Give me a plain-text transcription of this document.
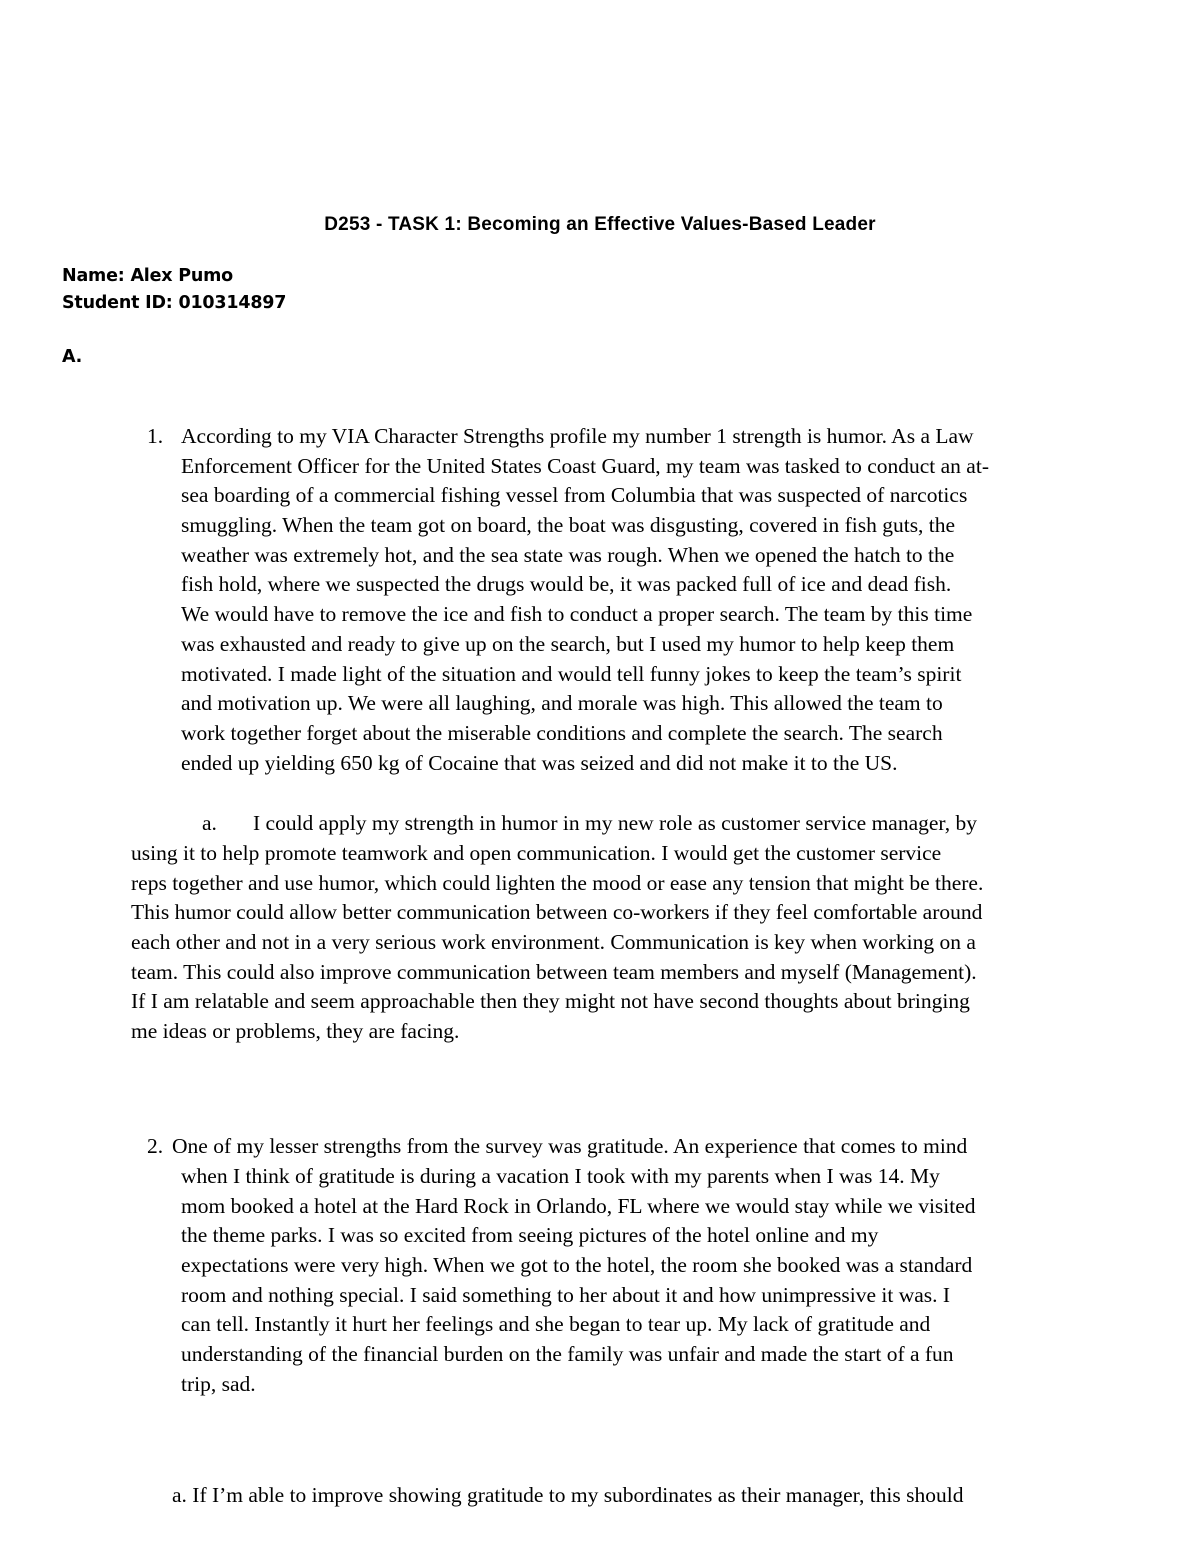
D253 - TASK 1: Becoming an Effective Values-Based Leader
Name: Alex Pumo
Student ID: 010314897
A.
1. According to my VIA Character Strengths profile my number 1 strength is humor. As a Law
Enforcement Officer for the United States Coast Guard, my team was tasked to conduct an at-
sea boarding of a commercial fishing vessel from Columbia that was suspected of narcotics
smuggling. When the team got on board, the boat was disgusting, covered in fish guts, the
weather was extremely hot, and the sea state was rough. When we opened the hatch to the
fish hold, where we suspected the drugs would be, it was packed full of ice and dead fish.
We would have to remove the ice and fish to conduct a proper search. The team by this time
was exhausted and ready to give up on the search, but I used my humor to help keep them
motivated. I made light of the situation and would tell funny jokes to keep the team’s spirit
and motivation up. We were all laughing, and morale was high. This allowed the team to
work together forget about the miserable conditions and complete the search. The search
ended up yielding 650 kg of Cocaine that was seized and did not make it to the US.
a. I could apply my strength in humor in my new role as customer service manager, by
using it to help promote teamwork and open communication. I would get the customer service
reps together and use humor, which could lighten the mood or ease any tension that might be there.
This humor could allow better communication between co-workers if they feel comfortable around
each other and not in a very serious work environment. Communication is key when working on a
team. This could also improve communication between team members and myself (Management).
If I am relatable and seem approachable then they might not have second thoughts about bringing
me ideas or problems, they are facing.
2. One of my lesser strengths from the survey was gratitude. An experience that comes to mind
when I think of gratitude is during a vacation I took with my parents when I was 14. My
mom booked a hotel at the Hard Rock in Orlando, FL where we would stay while we visited
the theme parks. I was so excited from seeing pictures of the hotel online and my
expectations were very high. When we got to the hotel, the room she booked was a standard
room and nothing special. I said something to her about it and how unimpressive it was. I
can tell. Instantly it hurt her feelings and she began to tear up. My lack of gratitude and
understanding of the financial burden on the family was unfair and made the start of a fun
trip, sad.
a. If I’m able to improve showing gratitude to my subordinates as their manager, this should
